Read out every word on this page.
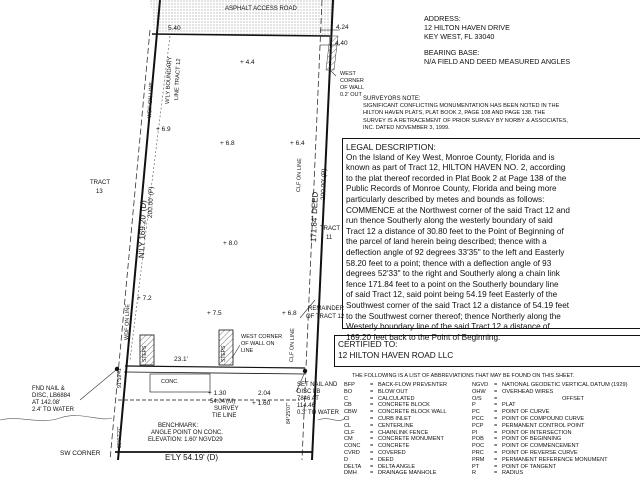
ASPHALT ACCESS ROAD
5.40	4.24
4.40
WDF ON LINE W'LY BOUNDARY LINE TRACT 12	+ 4.4
+ 6.9
+ 6.8	+ 6.4
+ 8.0
+ 7.2
+ 7.5	+ 6.8
TRACT
13
TRACT
11
WEST
CORNER
OF WALL
0.2' OUT
N'LY 169.20' (D)
200.00' (P)
CLF ON LINE
171.84' DEED
200.00' (P)
REMAINDER
OF TRACT 12
CLF ON LINE
WDF ON LINE	WEST CORNER
OF WALL ON
LINE
STEPS	STEPS
23.1'
CONC.
+ 1.30	2.04
+ 1.60
54.04'(M)
SURVEY
TIE LINE
FND NAIL &
DISC, LB6884
AT 142.08'
2.4' TO WATER
SET NAIL AND
DISC LB
7846 AT
114.46'
0.3' TO WATER
BENCHMARK:
ANGLE POINT ON CONC.
ELEVATION: 1.60' NGVD29
91°59'41"
84°25'07"
86°07'27"
SW CORNER	E'LY 54.19' (D)
ADDRESS:
12 HILTON HAVEN DRIVE
KEY WEST, FL 33040
BEARING BASE:
N/A FIELD AND DEED MEASURED ANGLES
SURVEYORS NOTE:
SIGNIFICANT CONFLICTING MONUMENTATION HAS BEEN NOTED IN THE
HILTON HAVEN PLATS, PLAT BOOK 2, PAGE 108 AND PAGE 138. THE
SURVEY IS A RETRACEMENT OF PRIOR SURVEY BY NORBY & ASSOCIATES,
INC. DATED NOVEMBER 3, 1999.
LEGAL DESCRIPTION:
On the Island of Key West, Monroe County, Florida and is
known as part of Tract 12, HILTON HAVEN NO. 2, according
to the plat thereof recorded in Plat Book 2 at Page 138 of the
Public Records of Monroe County, Florida and being more
particularly described by metes and bounds as follows:
COMMENCE at the Northwest corner of the said Tract 12 and
run thence Southerly along the westerly boundary of said
Tract 12 a distance of 30.80 feet to the Point of Beginning of
the parcel of land herein being described; thence with a
deflection angle of 92 degrees 33'35" to the left and Easterly
58.20 feet to a point; thence with a deflection angle of 93
degrees 52'33" to the right and Southerly along a chain link
fence 171.84 feet to a point on the Southerly boundary line
of said Tract 12, said point being 54.19 feet Easterly of the
Southwest corner of the said Tract 12 a distance of 54.19 feet
to the Southwest corner thereof; thence Northerly along the
Westerly boundary line of the said Tract 12 a distance of
169.20 feet back to the Point of Beginning.
CERTIFIED TO:
12 HILTON HAVEN ROAD LLC
THE FOLLOWING IS A LIST OF ABBREVIATIONS THAT MAY BE FOUND ON THIS SHEET.
BFP	= BACK-FLOW PREVENTER
BO	= BLOW OUT
C	= CALCULATED
CB	= CONCRETE BLOCK
CBW	= CONCRETE BLOCK WALL
CI	= CURB INLET
CL	= CENTERLINE
CLF	= CHAINLINK FENCE
CM	= CONCRETE MONUMENT
CONC	= CONCRETE
CVRD	= COVERED
D	= DEED
DELTA	= DELTA ANGLE
DMH	= DRAINAGE MANHOLE
NGVD	= NATIONAL GEODETIC VERTICAL DATUM (1929)
OHW	= OVERHEAD WIRES
O/S	=	OFFSET
P	= PLAT
PC	= POINT OF CURVE
PCC	= POINT OF COMPOUND CURVE
PCP	= PERMANENT CONTROL POINT
PI	= POINT OF INTERSECTION
POB	= POINT OF BEGINNING
POC	= POINT OF COMMENCEMENT
PRC	= POINT OF REVERSE CURVE
PRM	= PERMANENT REFERENCE MONUMENT
PT	= POINT OF TANGENT
R	= RADIUS
